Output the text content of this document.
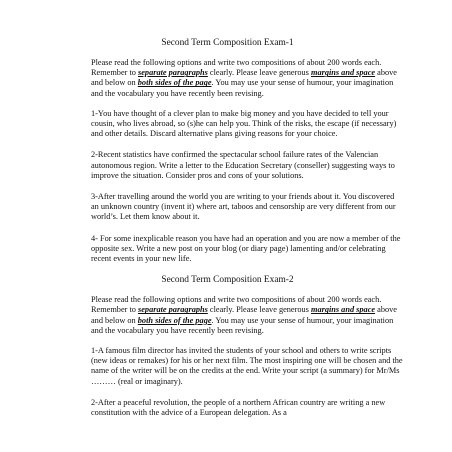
Second Term Composition Exam-1

Please read the following options and write two compositions of about 200 words each. Remember to separate paragraphs clearly. Please leave generous margins and space above and below on both sides of the page. You may use your sense of humour, your imagination and the vocabulary you have recently been revising.

1-You have thought of a clever plan to make big money and you have decided to tell your cousin, who lives abroad, so (s)he can help you. Think of the risks, the escape (if necessary) and other details. Discard alternative plans giving reasons for your choice.

2-Recent statistics have confirmed the spectacular school failure rates of the Valencian autonomous region. Write a letter to the Education Secretary (conseller) suggesting ways to improve the situation. Consider pros and cons of your solutions.

3-After travelling around the world you are writing to your friends about it. You discovered an unknown country (invent it) where art, taboos and censorship are very different from our world’s. Let them know about it.

4- For some inexplicable reason you have had an operation and you are now a member of the opposite sex. Write a new post on your blog (or diary page) lamenting and/or celebrating recent events in your new life.

Second Term Composition Exam-2

Please read the following options and write two compositions of about 200 words each. Remember to separate paragraphs clearly. Please leave generous margins and space above and below on both sides of the page. You may use your sense of humour, your imagination and the vocabulary you have recently been revising.

1-A famous film director has invited the students of your school and others to write scripts (new ideas or remakes) for his or her next film. The most inspiring one will be chosen and the name of the writer will be on the credits at the end. Write your script (a summary) for Mr/Ms ……… (real or imaginary).

2-After a peaceful revolution, the people of a northern African country are writing a new constitution with the advice of a European delegation. As a
